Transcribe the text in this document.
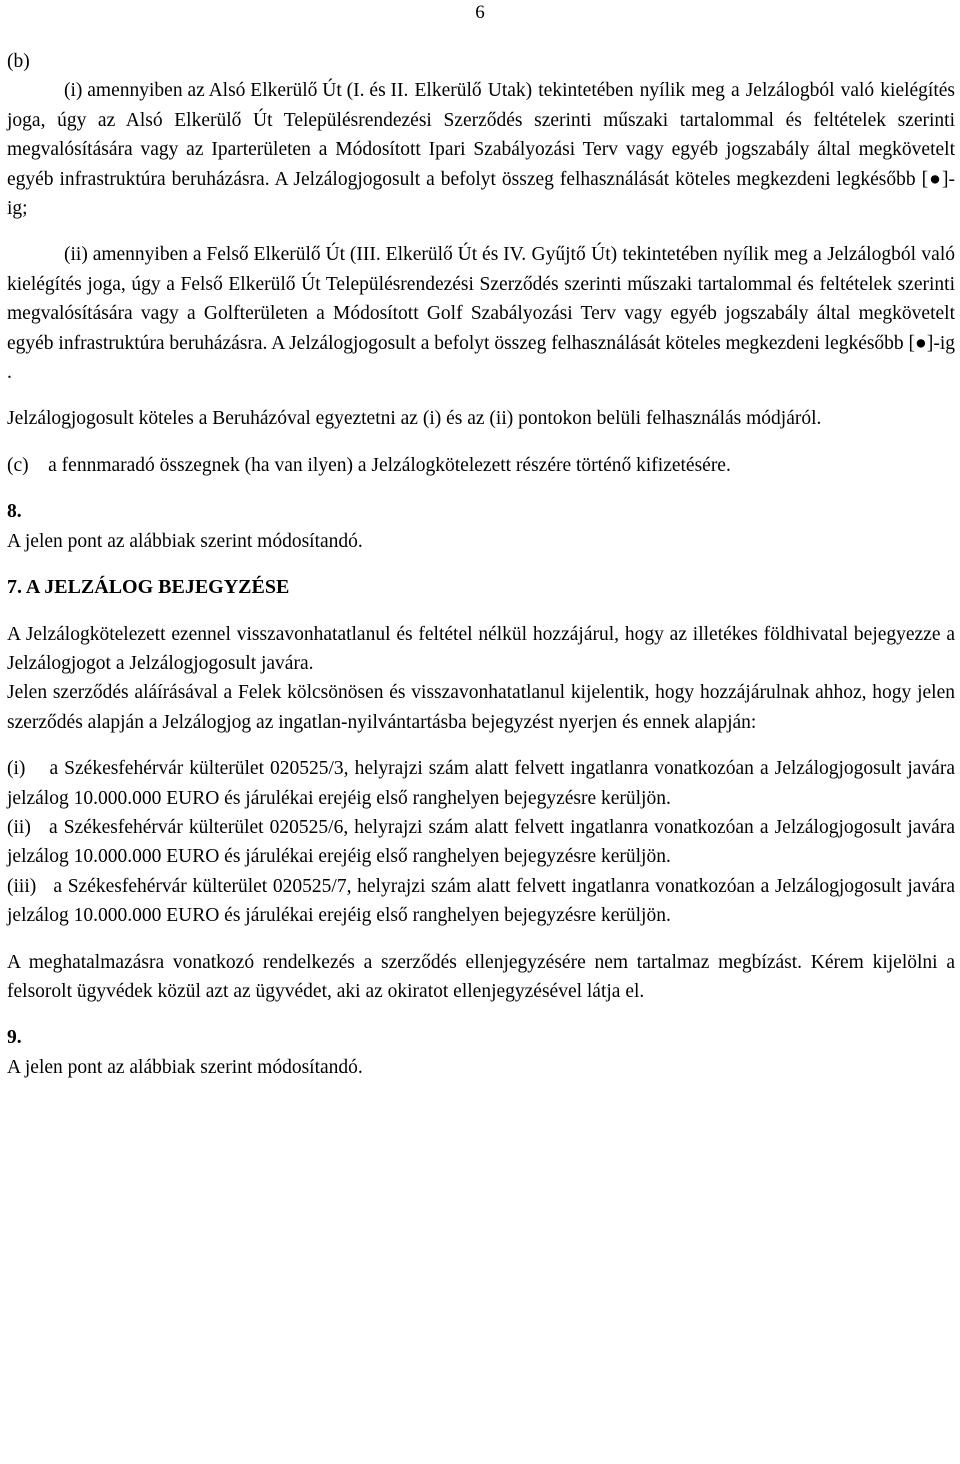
6

(b)

(i) amennyiben az Alsó Elkerülő Út (I. és II. Elkerülő Utak) tekintetében nyílik meg a Jelzálogból való kielégítés joga, úgy az Alsó Elkerülő Út Településrendezési Szerződés szerinti műszaki tartalommal és feltételek szerinti megvalósítására vagy az Iparterületen a Módosított Ipari Szabályozási Terv vagy egyéb jogszabály által megkövetelt egyéb infrastruktúra beruházásra. A Jelzálogjogosult a befolyt összeg felhasználását köteles megkezdeni legkésőbb [●]-ig;

(ii) amennyiben a Felső Elkerülő Út (III. Elkerülő Út és IV. Gyűjtő Út) tekintetében nyílik meg a Jelzálogból való kielégítés joga, úgy a Felső Elkerülő Út Településrendezési Szerződés szerinti műszaki tartalommal és feltételek szerinti megvalósítására vagy a Golfterületen a Módosított Golf Szabályozási Terv vagy egyéb jogszabály által megkövetelt egyéb infrastruktúra beruházásra. A Jelzálogjogosult a befolyt összeg felhasználását köteles megkezdeni legkésőbb [●]-ig .

Jelzálogjogosult köteles a Beruházóval egyeztetni az (i) és az (ii) pontokon belüli felhasználás módjáról.

(c)    a fennmaradó összegnek (ha van ilyen) a Jelzálogkötelezett részére történő kifizetésére.

8.

A jelen pont az alábbiak szerint módosítandó.

7. A JELZÁLOG BEJEGYZÉSE

A Jelzálogkötelezett ezennel visszavonhatatlanul és feltétel nélkül hozzájárul, hogy az illetékes földhivatal bejegyezze a Jelzálogjogot a Jelzálogjogosult javára.

Jelen szerződés aláírásával a Felek kölcsönösen és visszavonhatatlanul kijelentik, hogy hozzájárulnak ahhoz, hogy jelen szerződés alapján a Jelzálogjog az ingatlan-nyilvántartásba bejegyzést nyerjen és ennek alapján:

(i)    a Székesfehérvár külterület 020525/3, helyrajzi szám alatt felvett ingatlanra vonatkozóan a Jelzálogjogosult javára jelzálog 10.000.000 EURO és járulékai erejéig első ranghelyen bejegyzésre kerüljön.

(ii)   a Székesfehérvár külterület 020525/6, helyrajzi szám alatt felvett ingatlanra vonatkozóan a Jelzálogjogosult javára jelzálog 10.000.000 EURO és járulékai erejéig első ranghelyen bejegyzésre kerüljön.

(iii)   a Székesfehérvár külterület 020525/7, helyrajzi szám alatt felvett ingatlanra vonatkozóan a Jelzálogjogosult javára jelzálog 10.000.000 EURO és járulékai erejéig első ranghelyen bejegyzésre kerüljön.

A meghatalmazásra vonatkozó rendelkezés a szerződés ellenjegyzésére nem tartalmaz megbízást. Kérem kijelölni a felsorolt ügyvédek közül azt az ügyvédet, aki az okiratot ellenjegyzésével látja el.

9.

A jelen pont az alábbiak szerint módosítandó.
